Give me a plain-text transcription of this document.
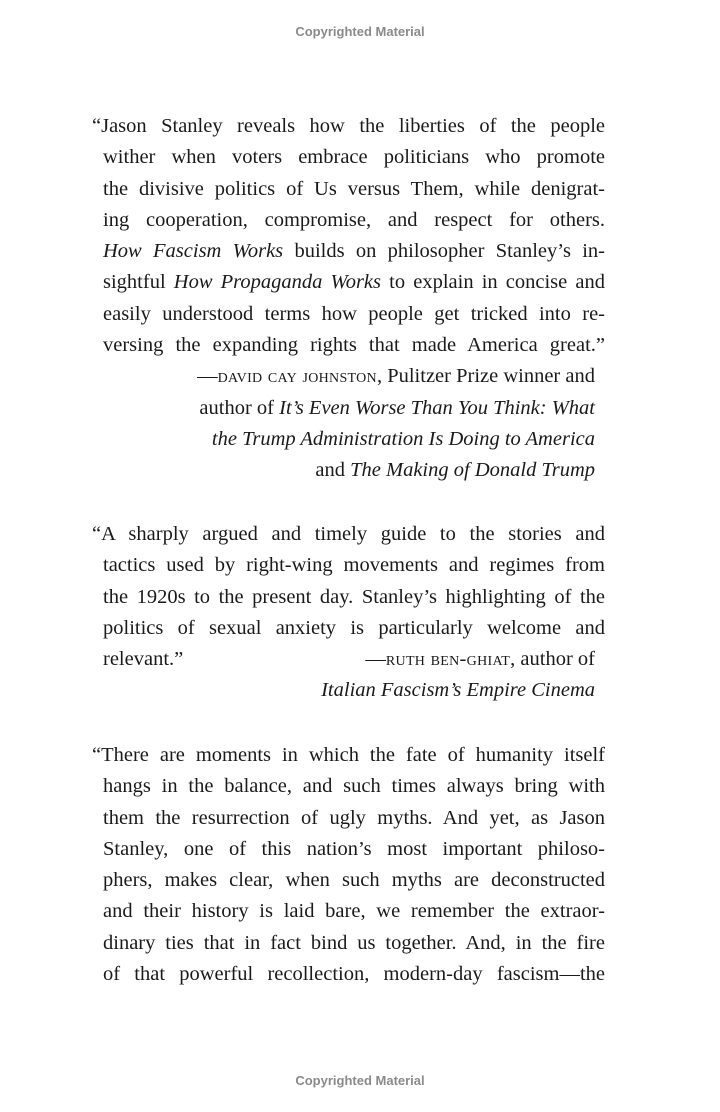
Copyrighted Material
“Jason Stanley reveals how the liberties of the people
wither when voters embrace politicians who promote
the divisive politics of Us versus Them, while denigrat-
ing cooperation, compromise, and respect for others.
How Fascism Works builds on philosopher Stanley’s in-
sightful How Propaganda Works to explain in concise and
easily understood terms how people get tricked into re-
versing the expanding rights that made America great.”
—david cay johnston, Pulitzer Prize winner and
author of It’s Even Worse Than You Think: What
the Trump Administration Is Doing to America
and The Making of Donald Trump
“A sharply argued and timely guide to the stories and
tactics used by right-wing movements and regimes from
the 1920s to the present day. Stanley’s highlighting of the
politics of sexual anxiety is particularly welcome and
relevant.”	—ruth ben-ghiat, author of
Italian Fascism’s Empire Cinema
“There are moments in which the fate of humanity itself
hangs in the balance, and such times always bring with
them the resurrection of ugly myths. And yet, as Jason
Stanley, one of this nation’s most important philoso-
phers, makes clear, when such myths are deconstructed
and their history is laid bare, we remember the extraor-
dinary ties that in fact bind us together. And, in the fire
of that powerful recollection, modern-day fascism—the
Copyrighted Material
